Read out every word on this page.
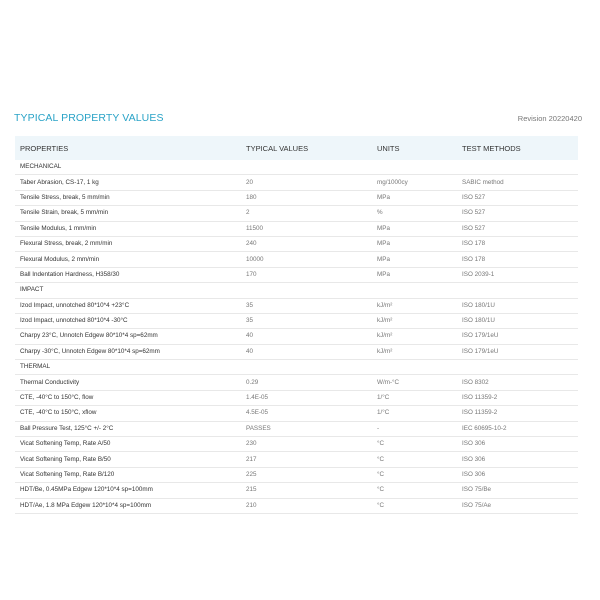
TYPICAL PROPERTY VALUES	Revision 20220420
PROPERTIES	TYPICAL VALUES	UNITS	TEST METHODS
MECHANICAL			
Taber Abrasion, CS-17, 1 kg	20	mg/1000cy	SABIC method
Tensile Stress, break, 5 mm/min	180	MPa	ISO 527
Tensile Strain, break, 5 mm/min	2	%	ISO 527
Tensile Modulus, 1 mm/min	11500	MPa	ISO 527
Flexural Stress, break, 2 mm/min	240	MPa	ISO 178
Flexural Modulus, 2 mm/min	10000	MPa	ISO 178
Ball Indentation Hardness, H358/30	170	MPa	ISO 2039-1
IMPACT			
Izod Impact, unnotched 80*10*4 +23°C	35	kJ/m²	ISO 180/1U
Izod Impact, unnotched 80*10*4 -30°C	35	kJ/m²	ISO 180/1U
Charpy 23°C, Unnotch Edgew 80*10*4 sp=62mm	40	kJ/m²	ISO 179/1eU
Charpy -30°C, Unnotch Edgew 80*10*4 sp=62mm	40	kJ/m²	ISO 179/1eU
THERMAL			
Thermal Conductivity	0.29	W/m-°C	ISO 8302
CTE, -40°C to 150°C, flow	1.4E-05	1/°C	ISO 11359-2
CTE, -40°C to 150°C, xflow	4.5E-05	1/°C	ISO 11359-2
Ball Pressure Test, 125°C +/- 2°C	PASSES	-	IEC 60695-10-2
Vicat Softening Temp, Rate A/50	230	°C	ISO 306
Vicat Softening Temp, Rate B/50	217	°C	ISO 306
Vicat Softening Temp, Rate B/120	225	°C	ISO 306
HDT/Be, 0.45MPa Edgew 120*10*4 sp=100mm	215	°C	ISO 75/Be
HDT/Ae, 1.8 MPa Edgew 120*10*4 sp=100mm	210	°C	ISO 75/Ae
